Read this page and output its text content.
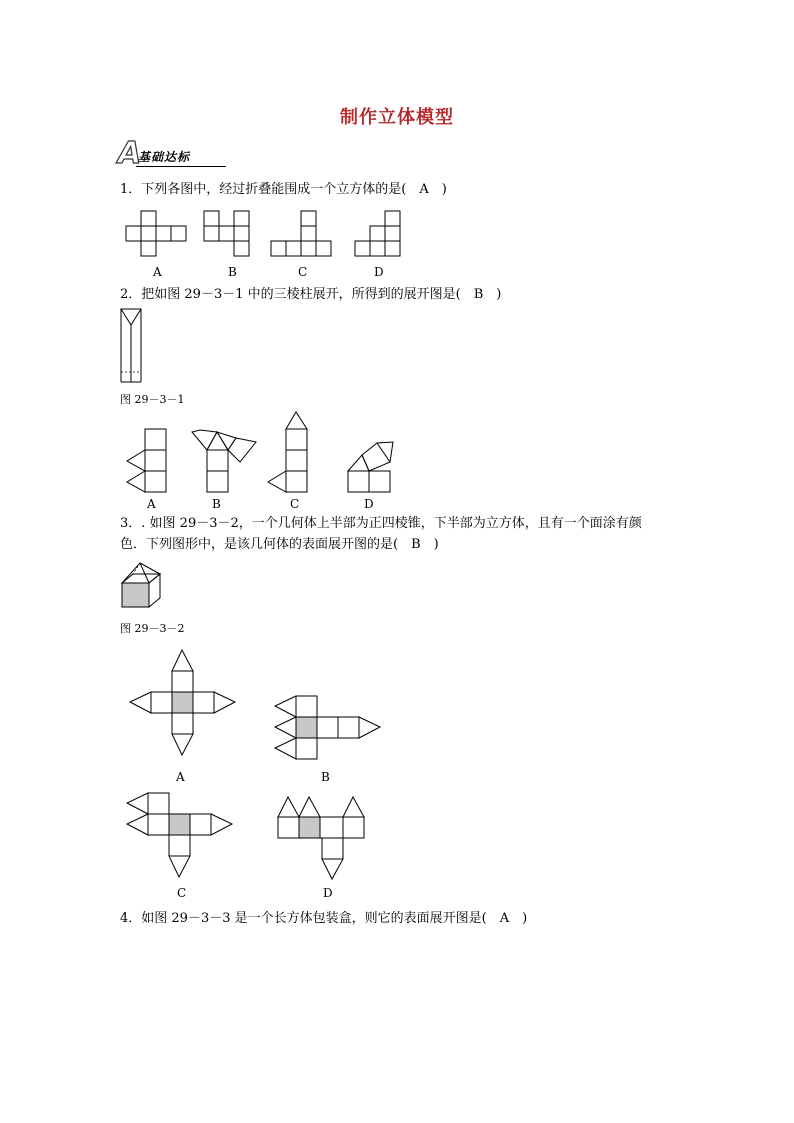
制作立体模型
A
基础达标
1．下列各图中，经过折叠能围成一个立方体的是(　A　)
A	B	C	D
2．把如图 29－3－1 中的三棱柱展开，所得到的展开图是(　B　)
图 29－3－1
A	B	C	D
3．. 如图 29－3－2，一个几何体上半部为正四棱锥，下半部为立方体，且有一个面涂有颜
色．下列图形中，是该几何体的表面展开图的是(　B　)
图 29－3－2
A	B
C	D
4．如图 29－3－3 是一个长方体包装盒，则它的表面展开图是(　A　)
